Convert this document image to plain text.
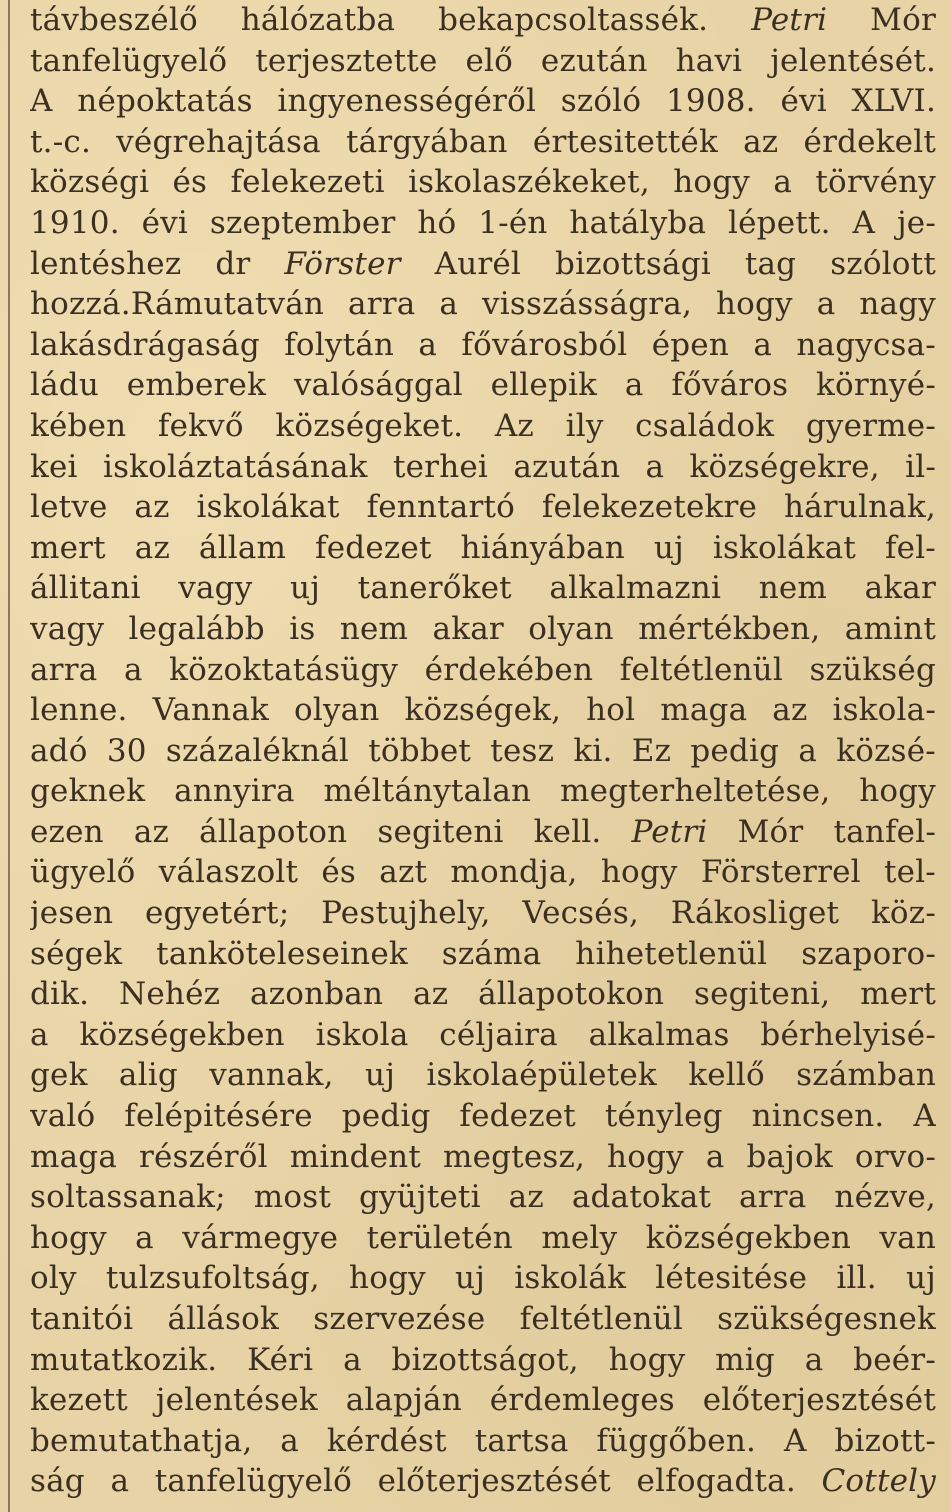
távbeszélő hálózatba bekapcsoltassék. Petri Mór
tanfelügyelő terjesztette elő ezután havi jelentését.
A népoktatás ingyenességéről szóló 1908. évi XLVI.
t.-c. végrehajtása tárgyában értesitették az érdekelt
községi és felekezeti iskolaszékeket, hogy a törvény
1910. évi szeptember hó 1-én hatályba lépett. A je-
lentéshez dr Förster Aurél bizottsági tag szólott
hozzá.Rámutatván arra a visszásságra, hogy a nagy
lakásdrágaság folytán a fővárosból épen a nagycsa-
ládu emberek valósággal ellepik a főváros környé-
kében fekvő községeket. Az ily családok gyerme-
kei iskoláztatásának terhei azután a községekre, il-
letve az iskolákat fenntartó felekezetekre hárulnak,
mert az állam fedezet hiányában uj iskolákat fel-
állitani vagy uj tanerőket alkalmazni nem akar
vagy legalább is nem akar olyan mértékben, amint
arra a közoktatásügy érdekében feltétlenül szükség
lenne. Vannak olyan községek, hol maga az iskola-
adó 30 százaléknál többet tesz ki. Ez pedig a közsé-
geknek annyira méltánytalan megterheltetése, hogy
ezen az állapoton segiteni kell. Petri Mór tanfel-
ügyelő válaszolt és azt mondja, hogy Försterrel tel-
jesen egyetért; Pestujhely, Vecsés, Rákosliget köz-
ségek tanköteleseinek száma hihetetlenül szaporo-
dik. Nehéz azonban az állapotokon segiteni, mert
a községekben iskola céljaira alkalmas bérhelyisé-
gek alig vannak, uj iskolaépületek kellő számban
való felépitésére pedig fedezet tényleg nincsen. A
maga részéről mindent megtesz, hogy a bajok orvo-
soltassanak; most gyüjteti az adatokat arra nézve,
hogy a vármegye területén mely községekben van
oly tulzsufoltság, hogy uj iskolák létesitése ill. uj
tanitói állások szervezése feltétlenül szükségesnek
mutatkozik. Kéri a bizottságot, hogy mig a beér-
kezett jelentések alapján érdemleges előterjesztését
bemutathatja, a kérdést tartsa függőben. A bizott-
ság a tanfelügyelő előterjesztését elfogadta. Cottely
